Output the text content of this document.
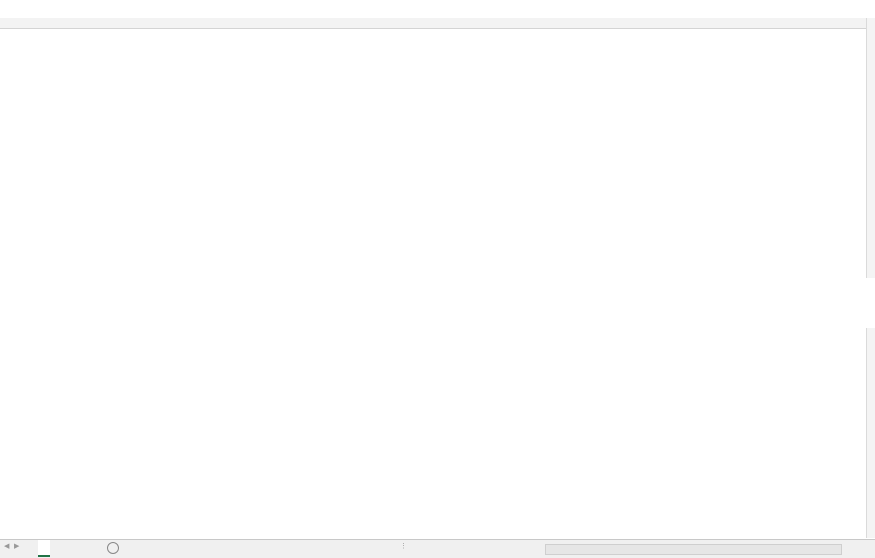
◀ ▶	⋮
